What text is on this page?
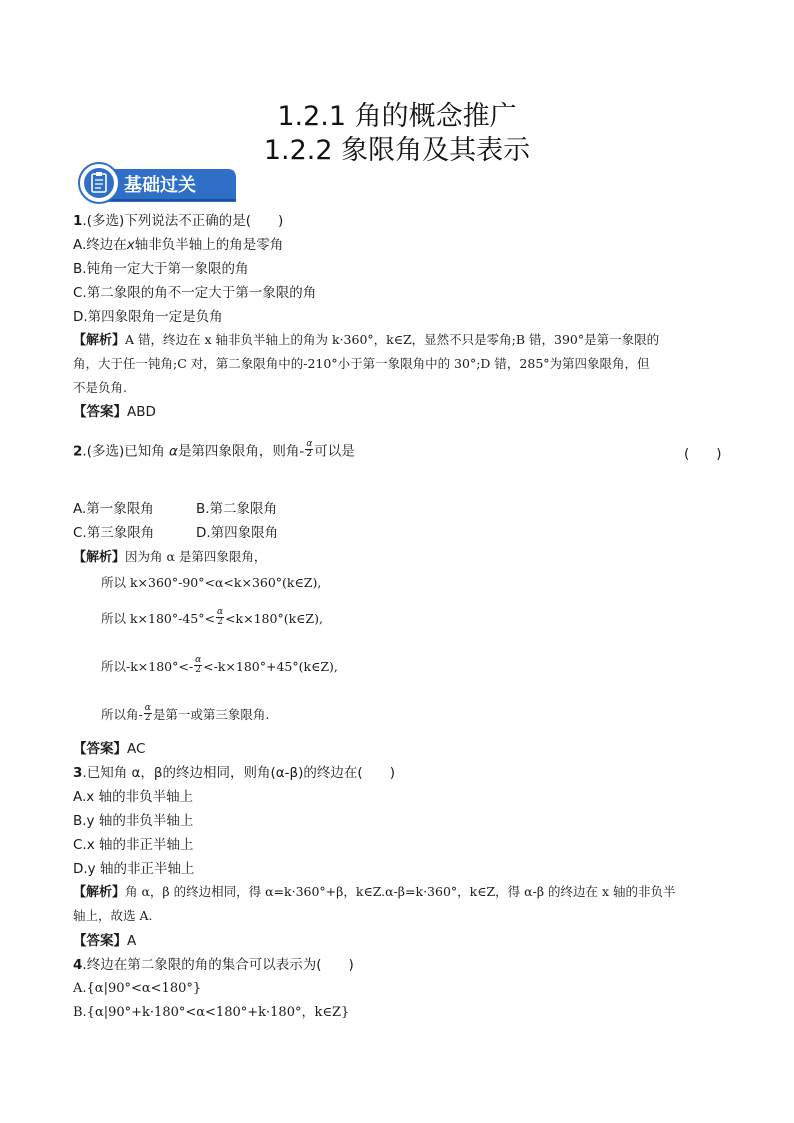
1.2.1 角的概念推广
1.2.2 象限角及其表示
基础过关
1.(多选)下列说法不正确的是(　　)
A.终边在x轴非负半轴上的角是零角
B.钝角一定大于第一象限的角
C.第二象限的角不一定大于第一象限的角
D.第四象限角一定是负角
【解析】A 错，终边在 x 轴非负半轴上的角为 k·360°，k∈Z，显然不只是零角;B 错，390°是第一象限的
角，大于任一钝角;C 对，第二象限角中的-210°小于第一象限角中的 30°;D 错，285°为第四象限角，但
不是负角.
【答案】ABD
2.(多选)已知角 α是第四象限角，则角- $\frac{\alpha}{2}$ 可以是	(　　)
A.第一象限角	B.第二象限角
C.第三象限角	D.第四象限角
【解析】因为角 α 是第四象限角，
所以 k×360°-90°<α<k×360°(k∈Z),
所以 $k\times 180^\circ-45^\circ< \frac{\alpha}{2}$ <k×180°(k∈Z),
所以$-k\times 180^\circ<- \frac{\alpha}{2}$ <-k×180°+45°(k∈Z),
所以角- $\frac{\alpha}{2}$ 是第一或第三象限角.
【答案】AC
3.已知角 α，β的终边相同，则角(α-β)的终边在(　　)
A.x 轴的非负半轴上
B.y 轴的非负半轴上
C.x 轴的非正半轴上
D.y 轴的非正半轴上
【解析】角 α，β 的终边相同，得 α=k·360°+β，k∈Z.α-β=k·360°，k∈Z，得 α-β 的终边在 x 轴的非负半
轴上，故选 A.
【答案】A
4.终边在第二象限的角的集合可以表示为(　　)
A.{α|90°<α<180°}
B.{α|90°+k·180°<α<180°+k·180°，k∈Z}
